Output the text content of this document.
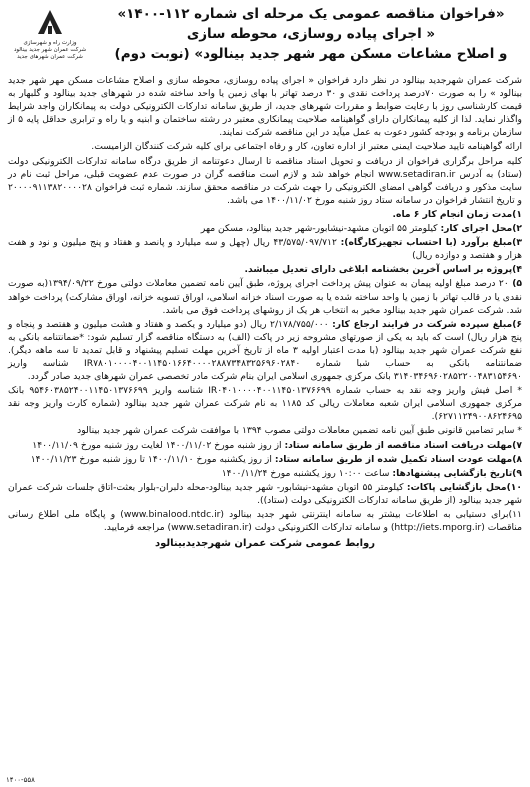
وزارت راه و شهرسازی
شرکت عمران شهر جدید بینالود
شرکت عمران شهرهای جدید
«فراخوان مناقصه عمومی یک مرحله ای شماره ۱۱۲-۱۴۰۰»
« اجرای پیاده روسازی، محوطه سازی
و اصلاح مشاعات مسکن مهر شهر جدید بینالود» (نوبت دوم)

شرکت عمران شهرجدید بینالود در نظر دارد فراخوان « اجرای پیاده روسازی، محوطه سازی و اصلاح مشاعات مسکن مهر شهر جدید بینالود » را به صورت ۷۰درصد پرداخت نقدی و ۳۰ درصد تهاتر با بهای زمین یا واحد ساخته شده در شهرهای جدید بینالود و گلبهار به قیمت کارشناسی روز با رعایت ضوابط و مقررات شهرهای جدید، از طریق سامانه تدارکات الکترونیکی دولت به پیمانکاران واجد شرایط واگذار نماید. لذا از کلیه پیمانکاران دارای گواهینامه صلاحیت پیمانکاری معتبر در رشته ساختمان و ابنیه و یا راه و ترابری حداقل پایه ۵ از سازمان برنامه و بودجه کشور دعوت به عمل میآید در این مناقصه شرکت نمایند.

ارائه گواهینامه تایید صلاحیت ایمنی معتبر از اداره تعاون، کار و رفاه اجتماعی برای کلیه شرکت کنندگان الزامیست.

کلیه مراحل برگزاری فراخوان از دریافت و تحویل اسناد مناقصه تا ارسال دعوتنامه از طریق درگاه سامانه تدارکات الکترونیکی دولت (ستاد) به آدرس www.setadiran.ir انجام خواهد شد و لازم است مناقصه گران در صورت عدم عضویت قبلی، مراحل ثبت نام در سایت مذکور و دریافت گواهی امضای الکترونیکی را جهت شرکت در مناقصه محقق سازند. شماره ثبت فراخوان ۲۰۰۰۰۹۱۱۳۸۲۰۰۰۰۲۸ و تاریخ انتشار فراخوان در سامانه ستاد روز شنبه مورخ ۱۴۰۰/۱۱/۰۲ می باشد.

۱)مدت زمان انجام کار ۶ ماه.

۲)محل اجرای کار: کیلومتر ۵۵ اتوبان مشهد-نیشابور-شهر جدید بینالود، مسکن مهر

۳)مبلغ برآورد (با احتساب تجهیزکارگاه): ۴۳/۵۷۵/۰۹۷/۷۱۲ ریال (چهل و سه میلیارد و پانصد و هفتاد و پنج میلیون و نود و هفت هزار و هفتصد و دوازده ریال)

۴)پروژه بر اساس آخرین بخشنامه ابلاغی دارای تعدیل میباشد.

۵) ۲۰ درصد مبلغ اولیه پیمان به عنوان پیش پرداخت اجرای پروژه، طبق آیین نامه تضمین معاملات دولتی مورخ ۱۳۹۴/۰۹/۲۲(به صورت نقدی یا در قالب تهاتر با زمین یا واحد ساخته شده یا به صورت اسناد خزانه اسلامی، اوراق تسویه خزانه، اوراق مشارکت) پرداخت خواهد شد. شرکت عمران شهر جدید بینالود مخیر به انتخاب هر یک از روشهای پرداخت فوق می باشد.

۶)مبلغ سپرده شرکت در فرایند ارجاع کار: ۲/۱۷۸/۷۵۵/۰۰۰ ریال (دو میلیارد و یکصد و هفتاد و هشت میلیون و هفتصد و پنجاه و پنج هزار ریال) است که باید به یکی از صورتهای مشروحه زیر در پاکت (الف) به دستگاه مناقصه گزار تسلیم شود: *ضمانتنامه بانکی به نفع شرکت عمران شهر جدید بینالود (با مدت اعتبار اولیه ۳ ماه از تاریخ آخرین مهلت تسلیم پیشنهاد و قابل تمدید تا سه ماهه دیگر). ضمانتنامه بانکی به حساب شبا شماره IR۷۸۰۱۰۰۰۰۴۰۰۱۱۴۵۰۱۶۶۴۰۰۰۰۲۸۸۷۳۴۸۳۲۵۶۹۶۰۲۸۴۰ شناسه واریز ۳۱۴۰۳۴۶۹۶۰۲۸۵۲۲۰۰۴۸۳۱۵۴۶۹۰ بانک مرکزی جمهوری اسلامی ایران بنام شرکت مادر تخصصی عمران شهرهای جدید صادر گردد.

* اصل فیش واریز وجه نقد به حساب شماره IR۰۴۰۱۰۰۰۰۴۰۰۱۱۴۵۰۱۳۷۶۶۹۹ شناسه واریز ۹۵۴۶۰۳۸۵۲۴۰۰۱۱۴۵۰۱۳۷۶۶۹۹ بانک مرکزی جمهوری اسلامی ایران شعبه معاملات ریالی کد ۱۱۸۵ به نام شرکت عمران شهر جدید بینالود (شماره کارت واریز وجه نقد ۶۲۷۱۱۲۴۹۰۰۸۶۲۴۶۹۵).

* سایر تضامین قانونی طبق آیین نامه تضمین معاملات دولتی مصوب ۱۳۹۴ با موافقت شرکت عمران شهر جدید بینالود

۷)مهلت دریافت اسناد مناقصه از طریق سامانه ستاد: از روز شنبه مورخ ۱۴۰۰/۱۱/۰۲ لغایت روز شنبه مورخ ۱۴۰۰/۱۱/۰۹

۸)مهلت عودت اسناد تکمیل شده از طریق سامانه ستاد: از روز یکشنبه مورخ ۱۴۰۰/۱۱/۱۰ تا روز شنبه مورخ ۱۴۰۰/۱۱/۲۳

۹)تاریخ بازگشایی پیشنهادها: ساعت ۱۰:۰۰ روز یکشنبه مورخ ۱۴۰۰/۱۱/۲۴

۱۰)محل بازگشایی پاکات: کیلومتر ۵۵ اتوبان مشهد-نیشابور- شهر جدید بینالود-محله دلبران-بلوار بعثت-اتاق جلسات شرکت عمران شهر جدید بینالود (از طریق سامانه تدارکات الکترونیکی دولت (ستاد)).

۱۱)برای دستیابی به اطلاعات بیشتر به سامانه اینترنتی شهر جدید بینالود (www.binalood.ntdc.ir) و پایگاه ملی اطلاع رسانی مناقصات (http://iets.mporg.ir) و سامانه تدارکات الکترونیکی دولت (www.setadiran.ir) مراجعه فرمایید.

روابط عمومی شرکت عمران شهرجدیدبینالود
۱۴۰۰-۵۵۸
